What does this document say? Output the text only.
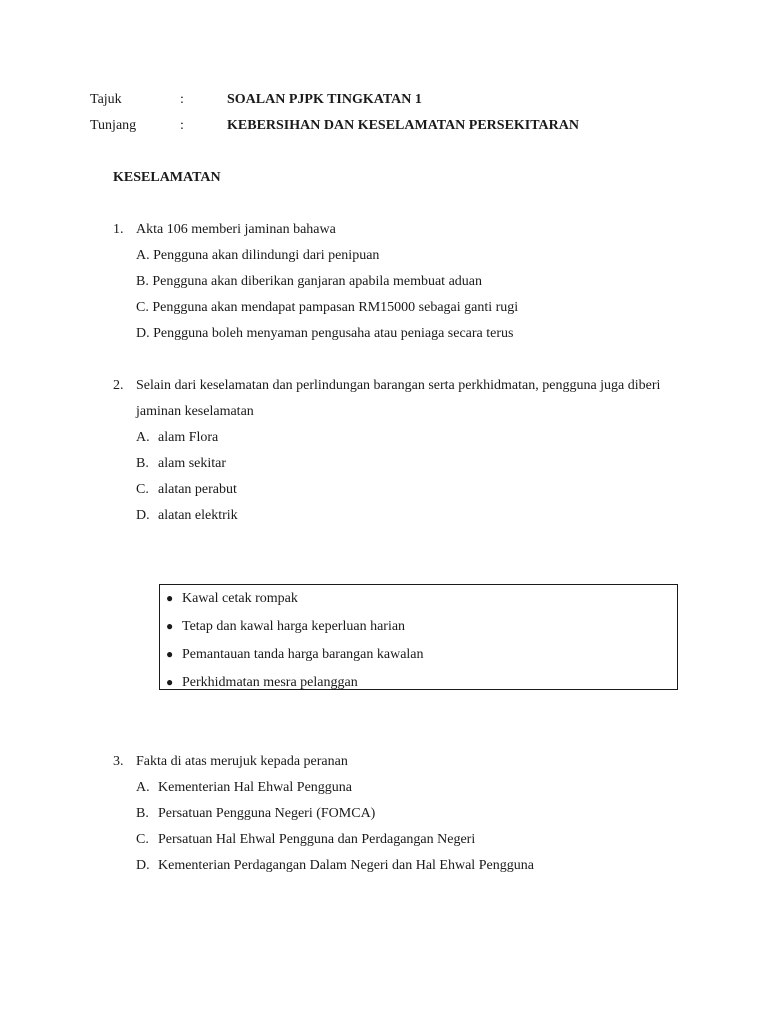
Tajuk	:	SOALAN PJPK TINGKATAN 1
Tunjang	:	KEBERSIHAN DAN KESELAMATAN PERSEKITARAN
KESELAMATAN
1. Akta 106 memberi jaminan bahawa
A. Pengguna akan dilindungi dari penipuan
B. Pengguna akan diberikan ganjaran apabila membuat aduan
C. Pengguna akan mendapat pampasan RM15000 sebagai ganti rugi
D. Pengguna boleh menyaman pengusaha atau peniaga secara terus
2. Selain dari keselamatan dan perlindungan barangan serta perkhidmatan, pengguna juga diberi jaminan keselamatan
A. alam Flora
B. alam sekitar
C. alatan perabut
D. alatan elektrik
● Kawal cetak rompak
● Tetap dan kawal harga keperluan harian
● Pemantauan tanda harga barangan kawalan
● Perkhidmatan mesra pelanggan
3. Fakta di atas merujuk kepada peranan
A. Kementerian Hal Ehwal Pengguna
B. Persatuan Pengguna Negeri (FOMCA)
C. Persatuan Hal Ehwal Pengguna dan Perdagangan Negeri
D. Kementerian Perdagangan Dalam Negeri dan Hal Ehwal Pengguna
